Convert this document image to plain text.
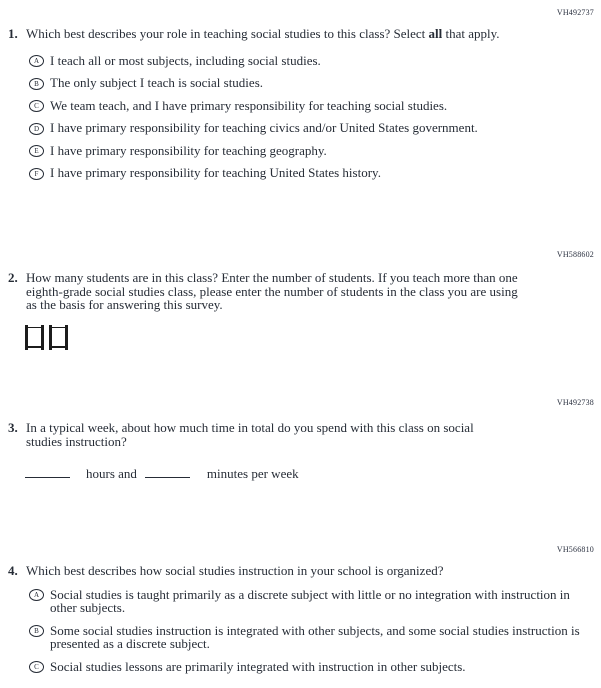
VH492737
1. Which best describes your role in teaching social studies to this class? Select all that apply.
A I teach all or most subjects, including social studies.
B The only subject I teach is social studies.
C We team teach, and I have primary responsibility for teaching social studies.
D I have primary responsibility for teaching civics and/or United States government.
E I have primary responsibility for teaching geography.
F I have primary responsibility for teaching United States history.
VH588602
2. How many students are in this class? Enter the number of students. If you teach more than one eighth-grade social studies class, please enter the number of students in the class you are using as the basis for answering this survey.
VH492738
3. In a typical week, about how much time in total do you spend with this class on social studies instruction?
hours and	minutes per week
VH566810
4. Which best describes how social studies instruction in your school is organized?
A Social studies is taught primarily as a discrete subject with little or no integration with instruction in other subjects.
B Some social studies instruction is integrated with other subjects, and some social studies instruction is presented as a discrete subject.
C Social studies lessons are primarily integrated with instruction in other subjects.
